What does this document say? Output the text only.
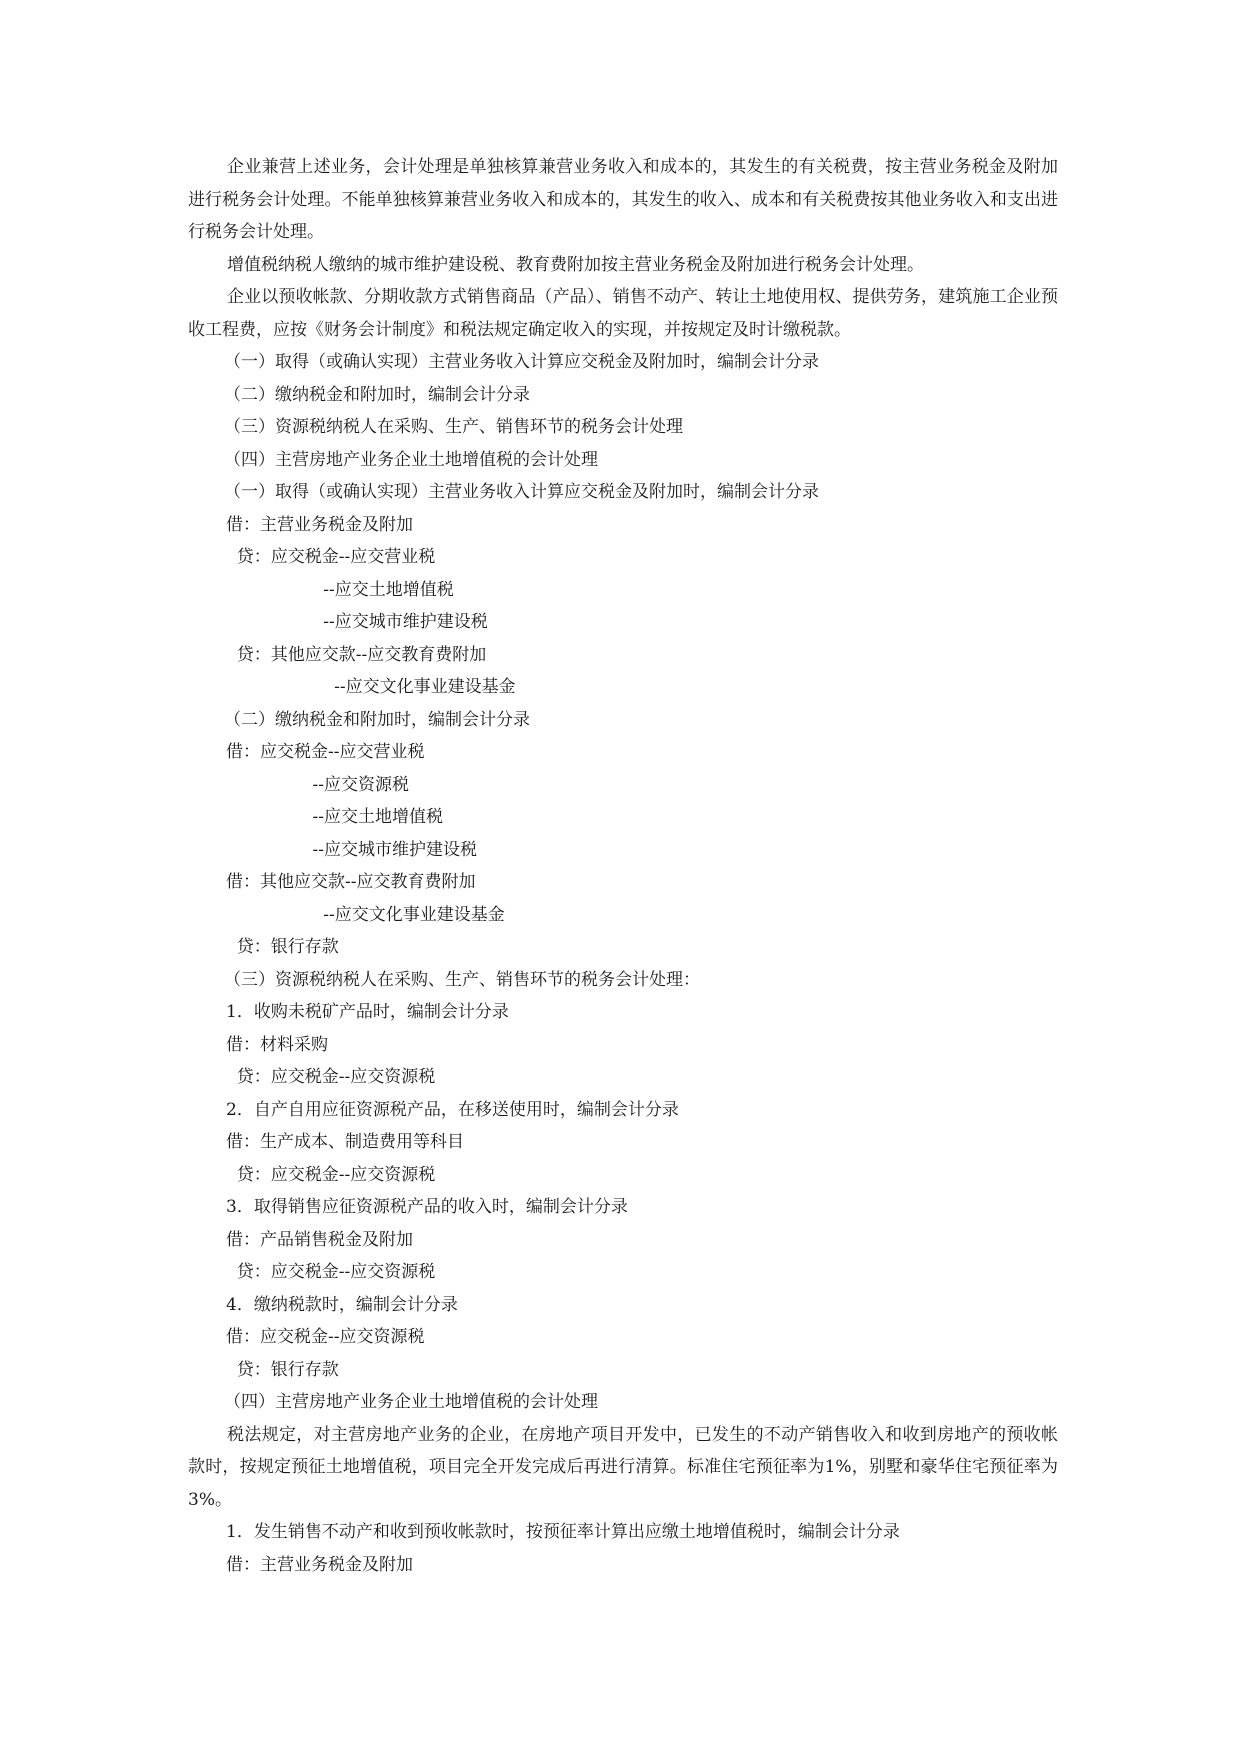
企业兼营上述业务，会计处理是单独核算兼营业务收入和成本的，其发生的有关税费，按主营业务税金及附加进行税务会计处理。不能单独核算兼营业务收入和成本的，其发生的收入、成本和有关税费按其他业务收入和支出进行税务会计处理。

增值税纳税人缴纳的城市维护建设税、教育费附加按主营业务税金及附加进行税务会计处理。

企业以预收帐款、分期收款方式销售商品（产品）、销售不动产、转让土地使用权、提供劳务，建筑施工企业预收工程费，应按《财务会计制度》和税法规定确定收入的实现，并按规定及时计缴税款。

（一）取得（或确认实现）主营业务收入计算应交税金及附加时，编制会计分录
（二）缴纳税金和附加时，编制会计分录
（三）资源税纳税人在采购、生产、销售环节的税务会计处理
（四）主营房地产业务企业土地增值税的会计处理
（一）取得（或确认实现）主营业务收入计算应交税金及附加时，编制会计分录
借：主营业务税金及附加
贷：应交税金--应交营业税
--应交土地增值税
--应交城市维护建设税
贷：其他应交款--应交教育费附加
--应交文化事业建设基金
（二）缴纳税金和附加时，编制会计分录
借：应交税金--应交营业税
--应交资源税
--应交土地增值税
--应交城市维护建设税
借：其他应交款--应交教育费附加
--应交文化事业建设基金
贷：银行存款
（三）资源税纳税人在采购、生产、销售环节的税务会计处理：
1．收购未税矿产品时，编制会计分录
借：材料采购
贷：应交税金--应交资源税
2．自产自用应征资源税产品，在移送使用时，编制会计分录
借：生产成本、制造费用等科目
贷：应交税金--应交资源税
3．取得销售应征资源税产品的收入时，编制会计分录
借：产品销售税金及附加
贷：应交税金--应交资源税
4．缴纳税款时，编制会计分录
借：应交税金--应交资源税
贷：银行存款
（四）主营房地产业务企业土地增值税的会计处理

税法规定，对主营房地产业务的企业，在房地产项目开发中，已发生的不动产销售收入和收到房地产的预收帐款时，按规定预征土地增值税，项目完全开发完成后再进行清算。标准住宅预征率为1%，别墅和豪华住宅预征率为3%。

1．发生销售不动产和收到预收帐款时，按预征率计算出应缴土地增值税时，编制会计分录
借：主营业务税金及附加
